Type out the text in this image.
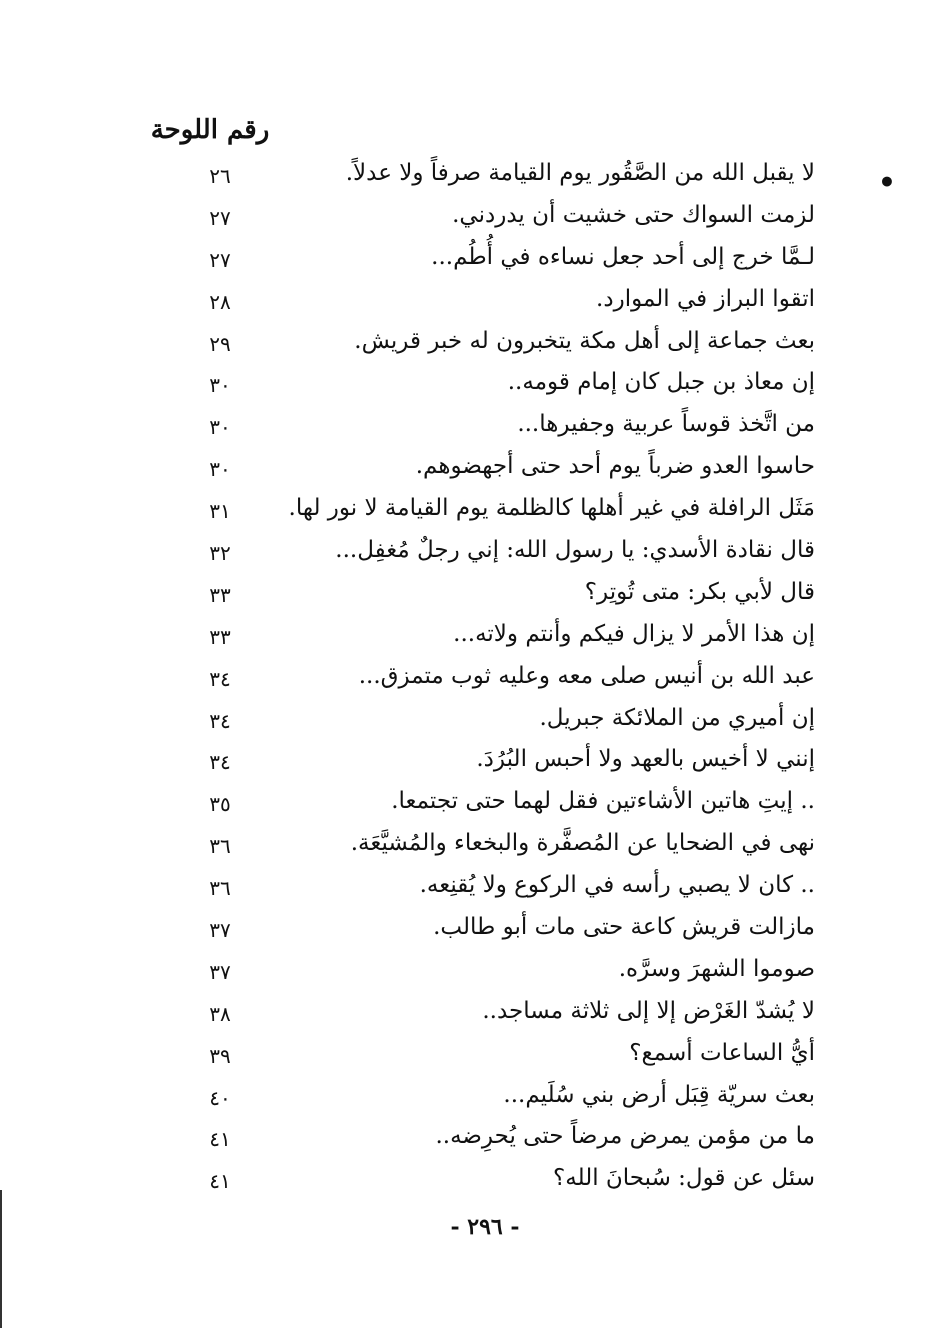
رقم اللوحة
•
لا يقبل الله من الصَّقُور يوم القيامة صرفاً ولا عدلاً.
٢٦
لزمت السواك حتى خشيت أن يدردني.
٢٧
لـمَّا خرج إلى أحد جعل نساءه في أُطُم...
٢٧
اتقوا البراز في الموارد.
٢٨
بعث جماعة إلى أهل مكة يتخبرون له خبر قريش.
٢٩
إن معاذ بن جبل كان إمام قومه..
٣٠
من اتَّخذ قوساً عربية وجفيرها...
٣٠
حاسوا العدو ضرباً يوم أحد حتى أجهضوهم.
٣٠
مَثَل الرافلة في غير أهلها كالظلمة يوم القيامة لا نور لها.
٣١
قال نقادة الأسدي: يا رسول الله: إني رجلٌ مُغفِل...
٣٢
قال لأبي بكر: متى تُوتِر؟
٣٣
إن هذا الأمر لا يزال فيكم وأنتم ولاته...
٣٣
عبد الله بن أنيس صلى معه وعليه ثوب متمزق...
٣٤
إن أميري من الملائكة جبريل.
٣٤
إنني لا أخيس بالعهد ولا أحبس البُرُدَ.
٣٤
.. إيتِ هاتين الأشاءتين فقل لهما حتى تجتمعا.
٣٥
نهى في الضحايا عن المُصفَّرة والبخعاء والمُشيَّعَة.
٣٦
.. كان لا يصبي رأسه في الركوع ولا يُقنِعه.
٣٦
مازالت قريش كاعة حتى مات أبو طالب.
٣٧
صوموا الشهرَ وسرَّه.
٣٧
لا يُشدّ الغَرْض إلا إلى ثلاثة مساجد..
٣٨
أيُّ الساعات أسمع؟
٣٩
بعث سريّة قِبَل أرض بني سُلَيم...
٤٠
ما من مؤمن يمرض مرضاً حتى يُحرِضه..
٤١
سئل عن قول: سُبحانَ الله؟
٤١
- ٢٩٦ -
